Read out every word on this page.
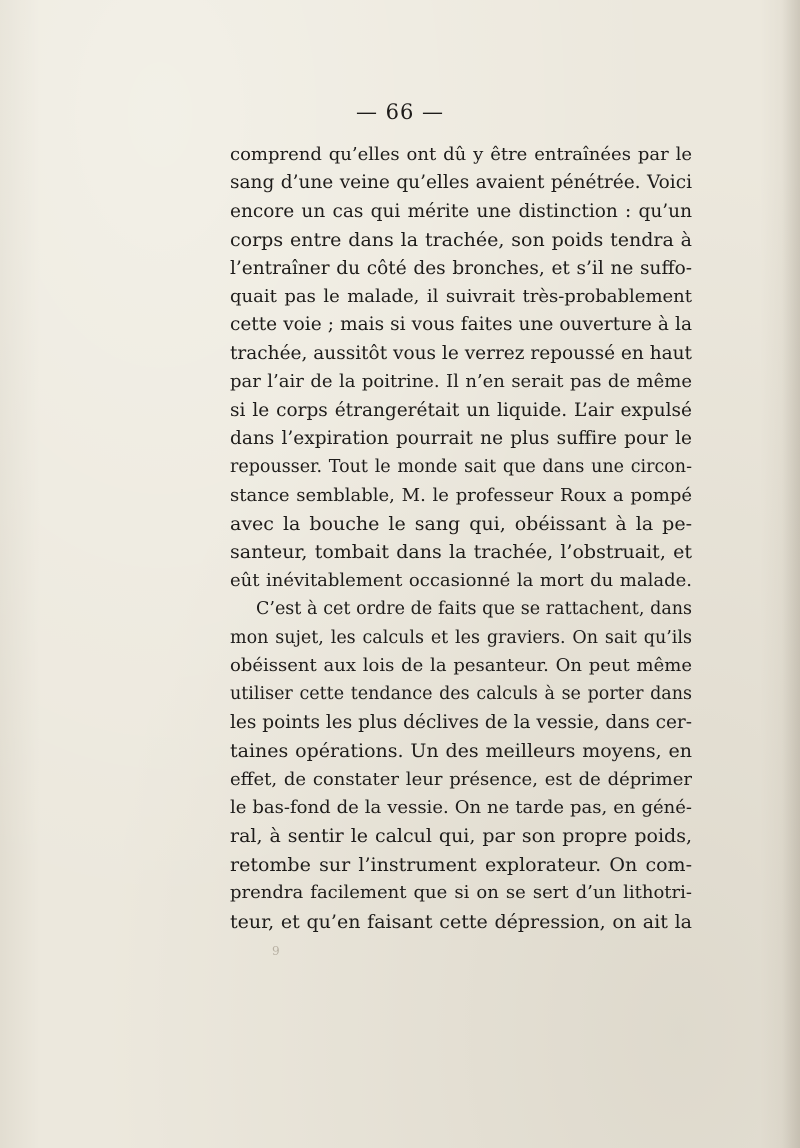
— 66 —
comprend qu’elles ont dû y être entraînées par le
sang d’une veine qu’elles avaient pénétrée. Voici
encore un cas qui mérite une distinction : qu’un
corps entre dans la trachée, son poids tendra à
l’entraîner du côté des bronches, et s’il ne suffo-
quait pas le malade, il suivrait très-probablement
cette voie ; mais si vous faites une ouverture à la
trachée, aussitôt vous le verrez repoussé en haut
par l’air de la poitrine. Il n’en serait pas de même
si le corps étrangerétait un liquide. L’air expulsé
dans l’expiration pourrait ne plus suffire pour le
repousser. Tout le monde sait que dans une circon-
stance semblable, M. le professeur Roux a pompé
avec la bouche le sang qui, obéissant à la pe-
santeur, tombait dans la trachée, l’obstruait, et
eût inévitablement occasionné la mort du malade.
C’est à cet ordre de faits que se rattachent, dans
mon sujet, les calculs et les graviers. On sait qu’ils
obéissent aux lois de la pesanteur. On peut même
utiliser cette tendance des calculs à se porter dans
les points les plus déclives de la vessie, dans cer-
taines opérations. Un des meilleurs moyens, en
effet, de constater leur présence, est de déprimer
le bas-fond de la vessie. On ne tarde pas, en géné-
ral, à sentir le calcul qui, par son propre poids,
retombe sur l’instrument explorateur. On com-
prendra facilement que si on se sert d’un lithotri-
teur, et qu’en faisant cette dépression, on ait la
9
